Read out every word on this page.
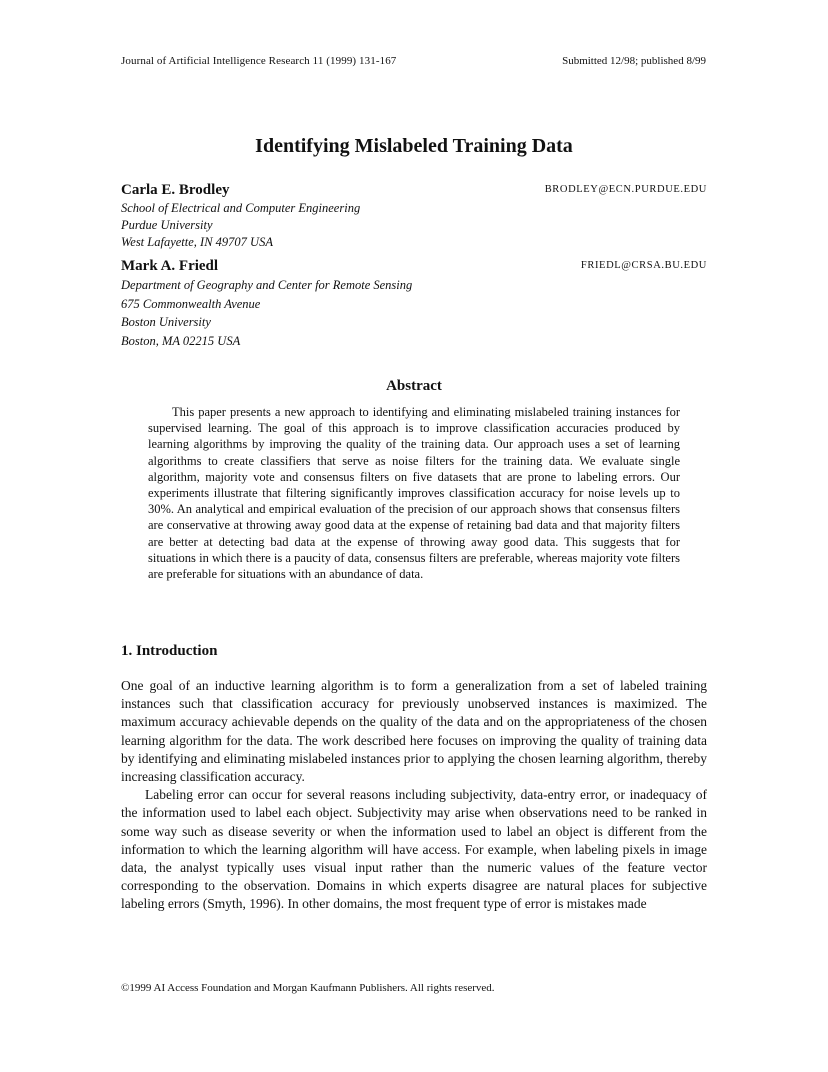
Journal of Artificial Intelligence Research 11 (1999) 131-167	Submitted 12/98; published 8/99
Identifying Mislabeled Training Data
Carla E. Brodley	BRODLEY@ECN.PURDUE.EDU
School of Electrical and Computer Engineering
Purdue University
West Lafayette, IN 49707 USA
Mark A. Friedl	FRIEDL@CRSA.BU.EDU
Department of Geography and Center for Remote Sensing
675 Commonwealth Avenue
Boston University
Boston, MA 02215 USA
Abstract
This paper presents a new approach to identifying and eliminating mislabeled training instances for supervised learning. The goal of this approach is to improve classification accuracies produced by learning algorithms by improving the quality of the training data. Our approach uses a set of learning algorithms to create classifiers that serve as noise filters for the training data. We evaluate single algorithm, majority vote and consensus filters on five datasets that are prone to labeling errors. Our experiments illustrate that filtering significantly improves classification accuracy for noise levels up to 30%. An analytical and empirical evaluation of the precision of our approach shows that consensus filters are conservative at throwing away good data at the expense of retaining bad data and that majority filters are better at detecting bad data at the expense of throwing away good data. This suggests that for situations in which there is a paucity of data, consensus filters are preferable, whereas majority vote filters are preferable for situations with an abundance of data.
1. Introduction

One goal of an inductive learning algorithm is to form a generalization from a set of labeled training instances such that classification accuracy for previously unobserved instances is maximized. The maximum accuracy achievable depends on the quality of the data and on the appropriateness of the chosen learning algorithm for the data. The work described here focuses on improving the quality of training data by identifying and eliminating mislabeled instances prior to applying the chosen learning algorithm, thereby increasing classification accuracy.

Labeling error can occur for several reasons including subjectivity, data-entry error, or inadequacy of the information used to label each object. Subjectivity may arise when observations need to be ranked in some way such as disease severity or when the information used to label an object is different from the information to which the learning algorithm will have access. For example, when labeling pixels in image data, the analyst typically uses visual input rather than the numeric values of the feature vector corresponding to the observation. Domains in which experts disagree are natural places for subjective labeling errors (Smyth, 1996). In other domains, the most frequent type of error is mistakes made

©1999 AI Access Foundation and Morgan Kaufmann Publishers. All rights reserved.
